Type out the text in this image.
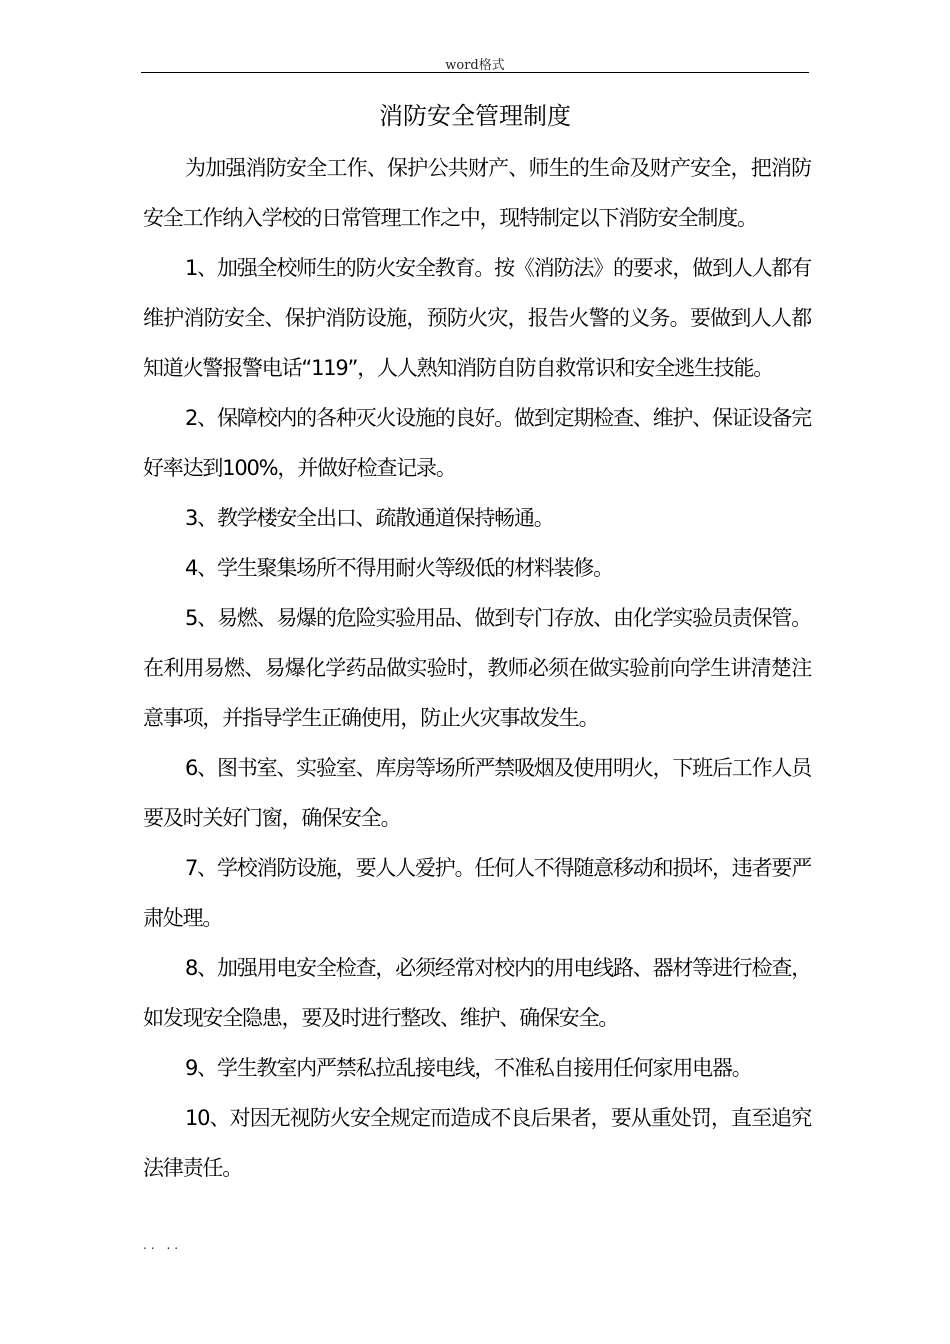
word格式
消防安全管理制度

为加强消防安全工作、保护公共财产、师生的生命及财产安全，把消防安全工作纳入学校的日常管理工作之中，现特制定以下消防安全制度。

1、加强全校师生的防火安全教育。按《消防法》的要求，做到人人都有维护消防安全、保护消防设施，预防火灾，报告火警的义务。要做到人人都知道火警报警电话“119”，人人熟知消防自防自救常识和安全逃生技能。

2、保障校内的各种灭火设施的良好。做到定期检查、维护、保证设备完好率达到100%，并做好检查记录。

3、教学楼安全出口、疏散通道保持畅通。

4、学生聚集场所不得用耐火等级低的材料装修。

5、易燃、易爆的危险实验用品、做到专门存放、由化学实验员责保管。在利用易燃、易爆化学药品做实验时，教师必须在做实验前向学生讲清楚注意事项，并指导学生正确使用，防止火灾事故发生。

6、图书室、实验室、库房等场所严禁吸烟及使用明火，下班后工作人员要及时关好门窗，确保安全。

7、学校消防设施，要人人爱护。任何人不得随意移动和损坏，违者要严肃处理。

8、加强用电安全检查，必须经常对校内的用电线路、器材等进行检查，如发现安全隐患，要及时进行整改、维护、确保安全。

9、学生教室内严禁私拉乱接电线，不准私自接用任何家用电器。

10、对因无视防火安全规定而造成不良后果者，要从重处罚，直至追究法律责任。

.. ..
